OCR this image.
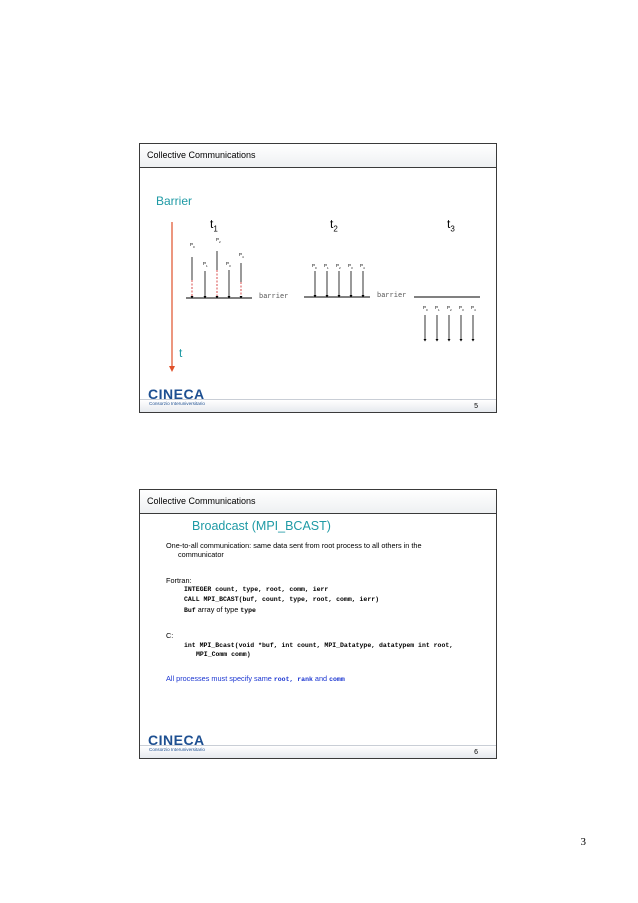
Collective Communications
Barrier
$t_1$	$t_2$	$t_3$
t
barrier	barrier
$P_0$
$P_1$
$P_2$
$P_3$
$P_4$
$P_0$ $P_1$ $P_2$ $P_3$ $P_4$
$P_0$ $P_1$ $P_2$ $P_3$ $P_4$
CINECA
Consorzio Interuniversitario	5
Collective Communications
Broadcast (MPI_BCAST)
One-to-all communication: same data sent from root process to all others in the
communicator
Fortran:
INTEGER count, type, root, comm, ierr
CALL MPI_BCAST(buf, count, type, root, comm, ierr)
Buf array of type type
C:
int MPI_Bcast(void *buf, int count, MPI_Datatype, datatypem int root,
MPI_Comm comm)
All processes must specify same root, rank and comm
CINECA
Consorzio Interuniversitario	6
3
